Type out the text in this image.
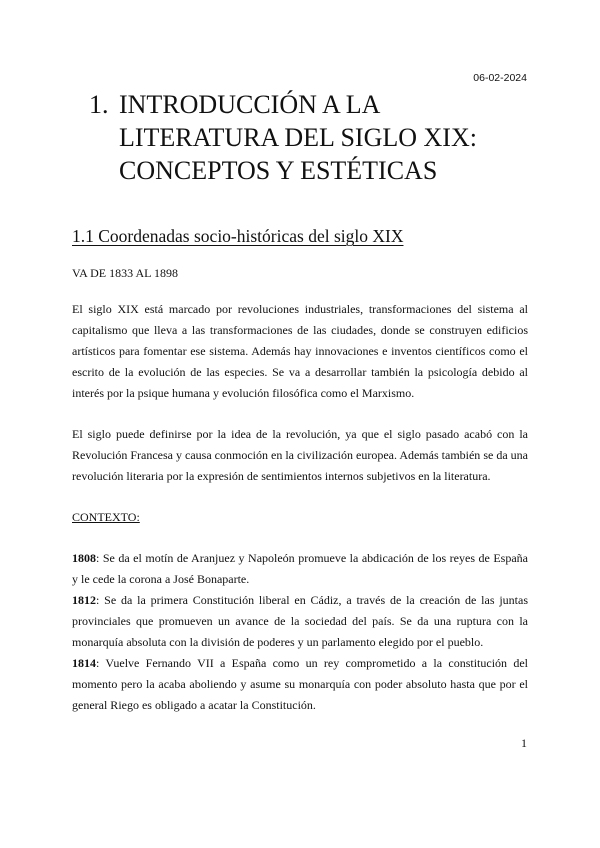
06-02-2024
1. INTRODUCCIÓN A LA LITERATURA DEL SIGLO XIX: CONCEPTOS Y ESTÉTICAS
1.1 Coordenadas socio-históricas del siglo XIX

VA DE 1833 AL 1898

El siglo XIX está marcado por revoluciones industriales, transformaciones del sistema al capitalismo que lleva a las transformaciones de las ciudades, donde se construyen edificios artísticos para fomentar ese sistema. Además hay innovaciones e inventos científicos como el escrito de la evolución de las especies. Se va a desarrollar también la psicología debido al interés por la psique humana y evolución filosófica como el Marxismo.

El siglo puede definirse por la idea de la revolución, ya que el siglo pasado acabó con la Revolución Francesa y causa conmoción en la civilización europea. Además también se da una revolución literaria por la expresión de sentimientos internos subjetivos en la literatura.

CONTEXTO:

1808: Se da el motín de Aranjuez y Napoleón promueve la abdicación de los reyes de España y le cede la corona a José Bonaparte.

1812: Se da la primera Constitución liberal en Cádiz, a través de la creación de las juntas provinciales que promueven un avance de la sociedad del país. Se da una ruptura con la monarquía absoluta con la división de poderes y un parlamento elegido por el pueblo.

1814: Vuelve Fernando VII a España como un rey comprometido a la constitución del momento pero la acaba aboliendo y asume su monarquía con poder absoluto hasta que por el general Riego es obligado a acatar la Constitución.

1
